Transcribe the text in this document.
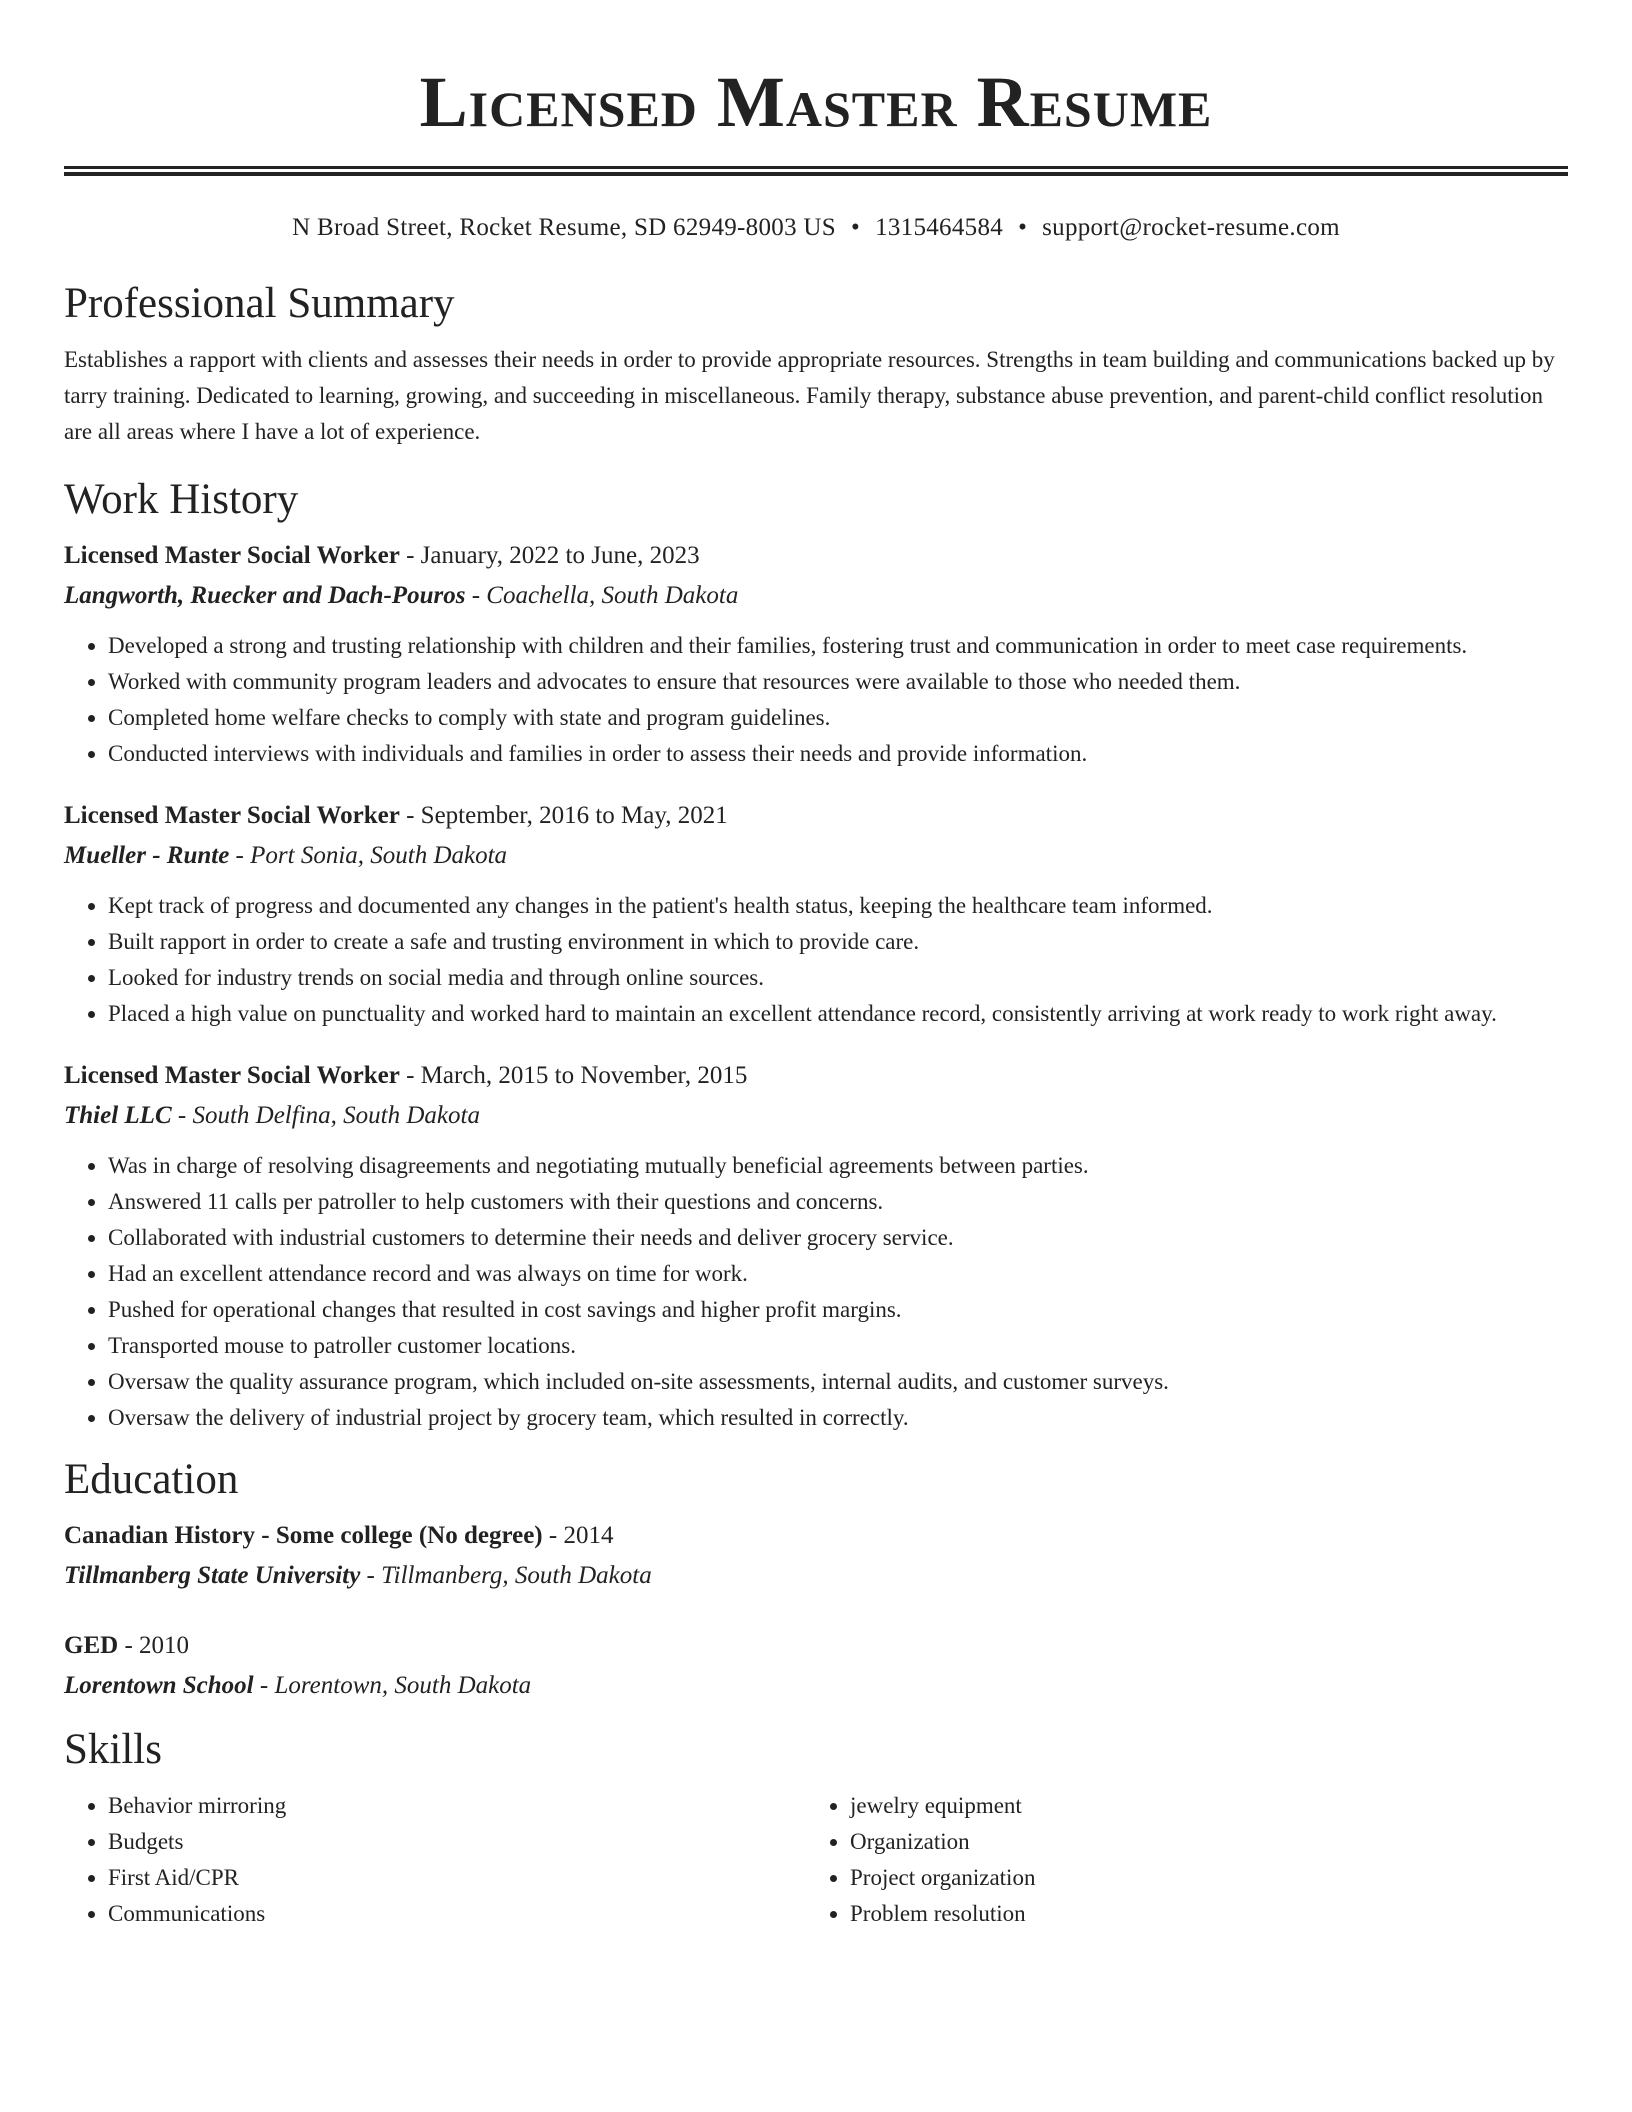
Licensed Master Resume
N Broad Street, Rocket Resume, SD 62949-8003 US • 1315464584 • support@rocket-resume.com
Professional Summary

Establishes a rapport with clients and assesses their needs in order to provide appropriate resources. Strengths in team building and communications backed up by tarry training. Dedicated to learning, growing, and succeeding in miscellaneous. Family therapy, substance abuse prevention, and parent-child conflict resolution are all areas where I have a lot of experience.

Work History
Licensed Master Social Worker - January, 2022 to June, 2023
Langworth, Ruecker and Dach-Pouros - Coachella, South Dakota
• Developed a strong and trusting relationship with children and their families, fostering trust and communication in order to meet case requirements.
• Worked with community program leaders and advocates to ensure that resources were available to those who needed them.
• Completed home welfare checks to comply with state and program guidelines.
• Conducted interviews with individuals and families in order to assess their needs and provide information.
Licensed Master Social Worker - September, 2016 to May, 2021
Mueller - Runte - Port Sonia, South Dakota
• Kept track of progress and documented any changes in the patient's health status, keeping the healthcare team informed.
• Built rapport in order to create a safe and trusting environment in which to provide care.
• Looked for industry trends on social media and through online sources.
• Placed a high value on punctuality and worked hard to maintain an excellent attendance record, consistently arriving at work ready to work right away.
Licensed Master Social Worker - March, 2015 to November, 2015
Thiel LLC - South Delfina, South Dakota
• Was in charge of resolving disagreements and negotiating mutually beneficial agreements between parties.
• Answered 11 calls per patroller to help customers with their questions and concerns.
• Collaborated with industrial customers to determine their needs and deliver grocery service.
• Had an excellent attendance record and was always on time for work.
• Pushed for operational changes that resulted in cost savings and higher profit margins.
• Transported mouse to patroller customer locations.
• Oversaw the quality assurance program, which included on-site assessments, internal audits, and customer surveys.
• Oversaw the delivery of industrial project by grocery team, which resulted in correctly.
Education
Canadian History - Some college (No degree) - 2014
Tillmanberg State University - Tillmanberg, South Dakota
GED - 2010
Lorentown School - Lorentown, South Dakota
Skills
• Behavior mirroring
• Budgets
• First Aid/CPR
• Communications
• jewelry equipment
• Organization
• Project organization
• Problem resolution
